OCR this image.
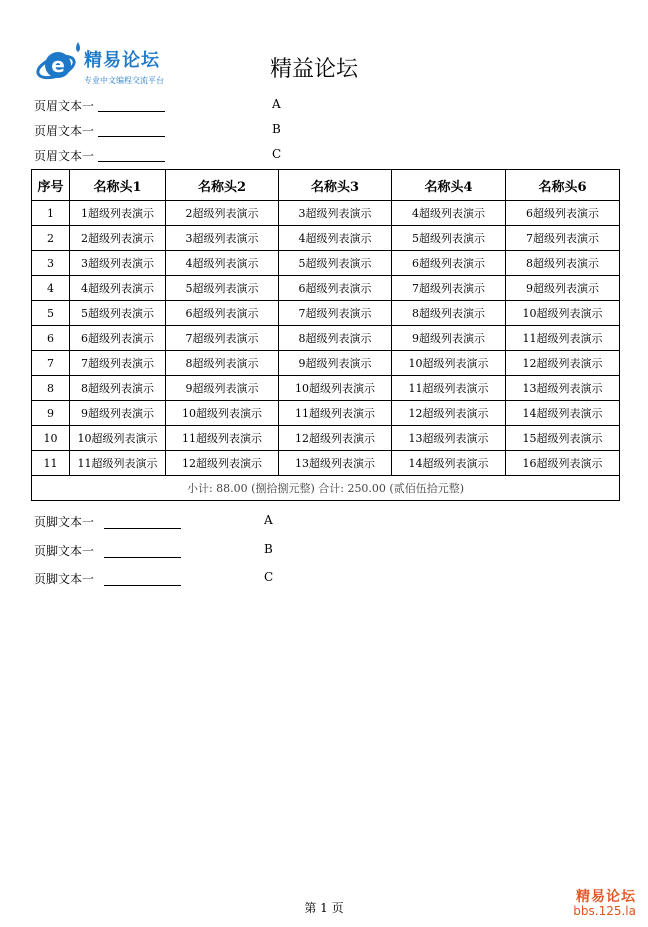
e 精易论坛
专业中文编程交流平台	精益论坛
页眉文本一	A
页眉文本一	B
页眉文本一	C
序号	名称头1	名称头2	名称头3	名称头4	名称头6
1	1超级列表演示	2超级列表演示	3超级列表演示	4超级列表演示	6超级列表演示
2	2超级列表演示	3超级列表演示	4超级列表演示	5超级列表演示	7超级列表演示
3	3超级列表演示	4超级列表演示	5超级列表演示	6超级列表演示	8超级列表演示
4	4超级列表演示	5超级列表演示	6超级列表演示	7超级列表演示	9超级列表演示
5	5超级列表演示	6超级列表演示	7超级列表演示	8超级列表演示	10超级列表演示
6	6超级列表演示	7超级列表演示	8超级列表演示	9超级列表演示	11超级列表演示
7	7超级列表演示	8超级列表演示	9超级列表演示	10超级列表演示	12超级列表演示
8	8超级列表演示	9超级列表演示	10超级列表演示	11超级列表演示	13超级列表演示
9	9超级列表演示	10超级列表演示	11超级列表演示	12超级列表演示	14超级列表演示
10	10超级列表演示	11超级列表演示	12超级列表演示	13超级列表演示	15超级列表演示
11	11超级列表演示	12超级列表演示	13超级列表演示	14超级列表演示	16超级列表演示
小计: 88.00 (捌拾捌元整) 合计: 250.00 (贰佰伍拾元整)					
页脚文本一	A
页脚文本一	B
页脚文本一	C
第 1 页
精易论坛
bbs.125.la
